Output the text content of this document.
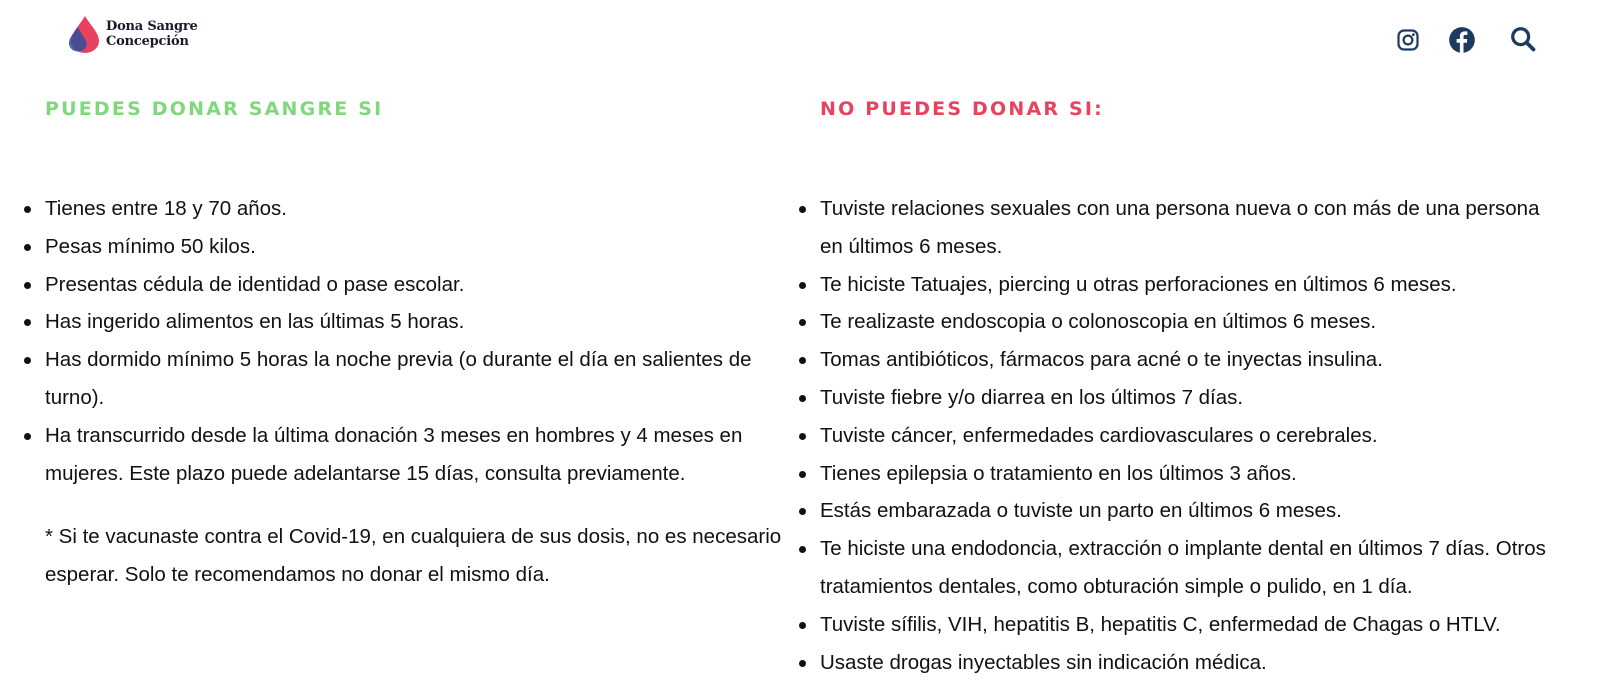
Dona Sangre
Concepción
PUEDES DONAR SANGRE SI
Tienes entre 18 y 70 años.
Pesas mínimo 50 kilos.
Presentas cédula de identidad o pase escolar.
Has ingerido alimentos en las últimas 5 horas.
Has dormido mínimo 5 horas la noche previa (o durante el día en salientes de turno).
Ha transcurrido desde la última donación 3 meses en hombres y 4 meses en mujeres. Este plazo puede adelantarse 15 días, consulta previamente.

* Si te vacunaste contra el Covid-19, en cualquiera de sus dosis, no es necesario esperar. Solo te recomendamos no donar el mismo día.

NO PUEDES DONAR SI:
Tuviste relaciones sexuales con una persona nueva o con más de una persona en últimos 6 meses.
Te hiciste Tatuajes, piercing u otras perforaciones en últimos 6 meses.
Te realizaste endoscopia o colonoscopia en últimos 6 meses.
Tomas antibióticos, fármacos para acné o te inyectas insulina.
Tuviste fiebre y/o diarrea en los últimos 7 días.
Tuviste cáncer, enfermedades cardiovasculares o cerebrales.
Tienes epilepsia o tratamiento en los últimos 3 años.
Estás embarazada o tuviste un parto en últimos 6 meses.
Te hiciste una endodoncia, extracción o implante dental en últimos 7 días. Otros tratamientos dentales, como obturación simple o pulido, en 1 día.
Tuviste sífilis, VIH, hepatitis B, hepatitis C, enfermedad de Chagas o HTLV.
Usaste drogas inyectables sin indicación médica.
